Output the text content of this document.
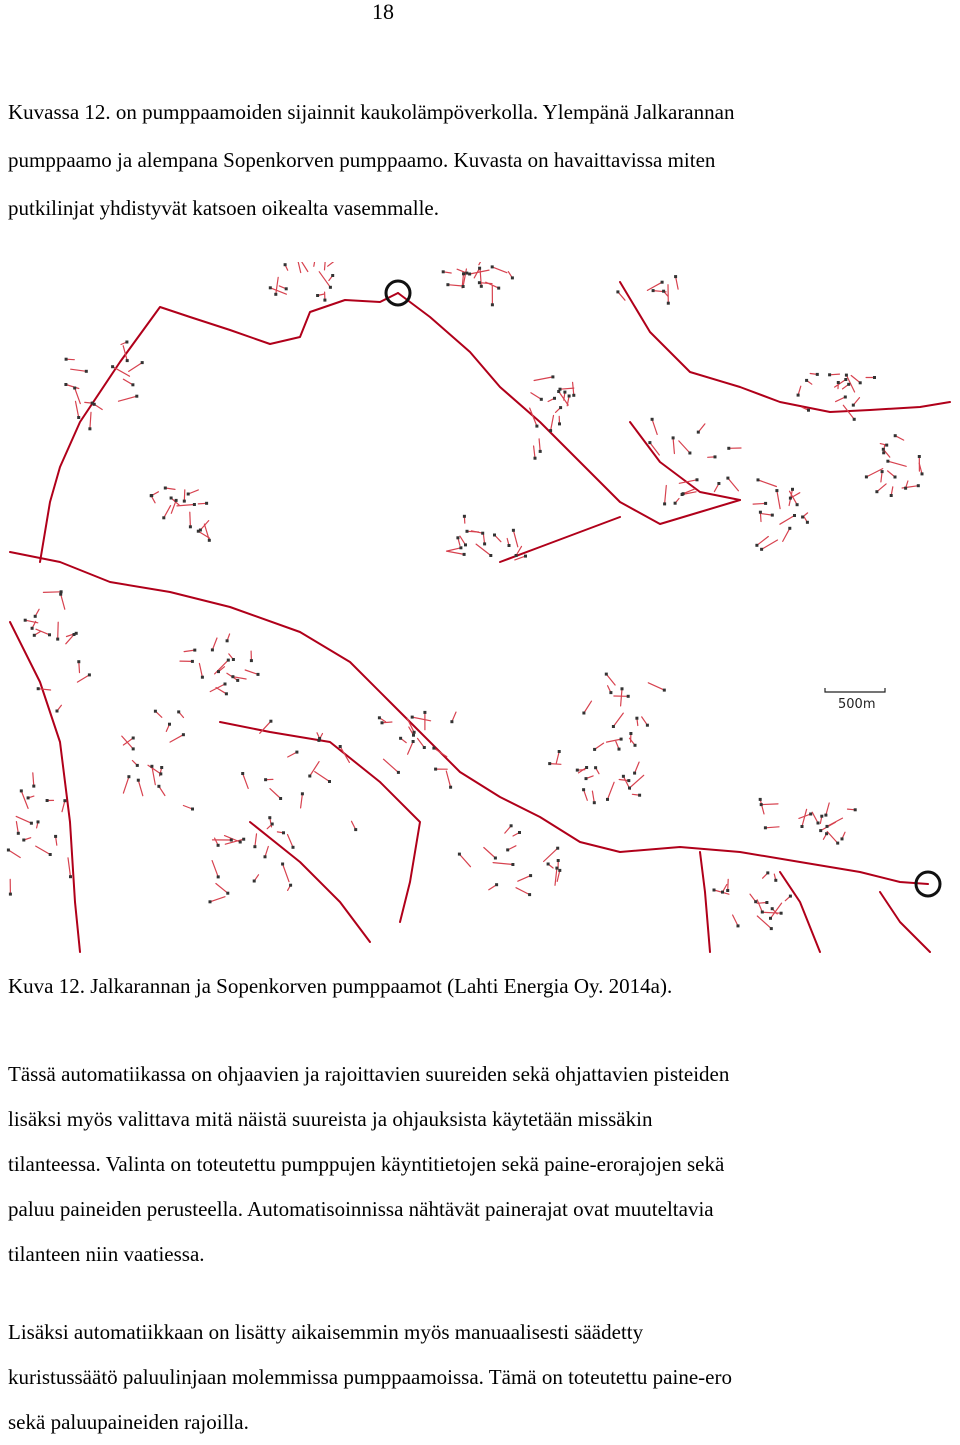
18
Kuvassa 12. on pumppaamoiden sijainnit kaukolämpöverkolla. Ylempänä Jalkarannan
pumppaamo ja alempana Sopenkorven pumppaamo. Kuvasta on havaittavissa miten
putkilinjat yhdistyvät katsoen oikealta vasemmalle.
500m
Kuva 12. Jalkarannan ja Sopenkorven pumppaamot (Lahti Energia Oy. 2014a).
Tässä automatiikassa on ohjaavien ja rajoittavien suureiden sekä ohjattavien pisteiden
lisäksi myös valittava mitä näistä suureista ja ohjauksista käytetään missäkin
tilanteessa. Valinta on toteutettu pumppujen käyntitietojen sekä paine-erorajojen sekä
paluu paineiden perusteella. Automatisoinnissa nähtävät painerajat ovat muuteltavia
tilanteen niin vaatiessa.
Lisäksi automatiikkaan on lisätty aikaisemmin myös manuaalisesti säädetty
kuristussäätö paluulinjaan molemmissa pumppaamoissa. Tämä on toteutettu paine-ero
sekä paluupaineiden rajoilla.
